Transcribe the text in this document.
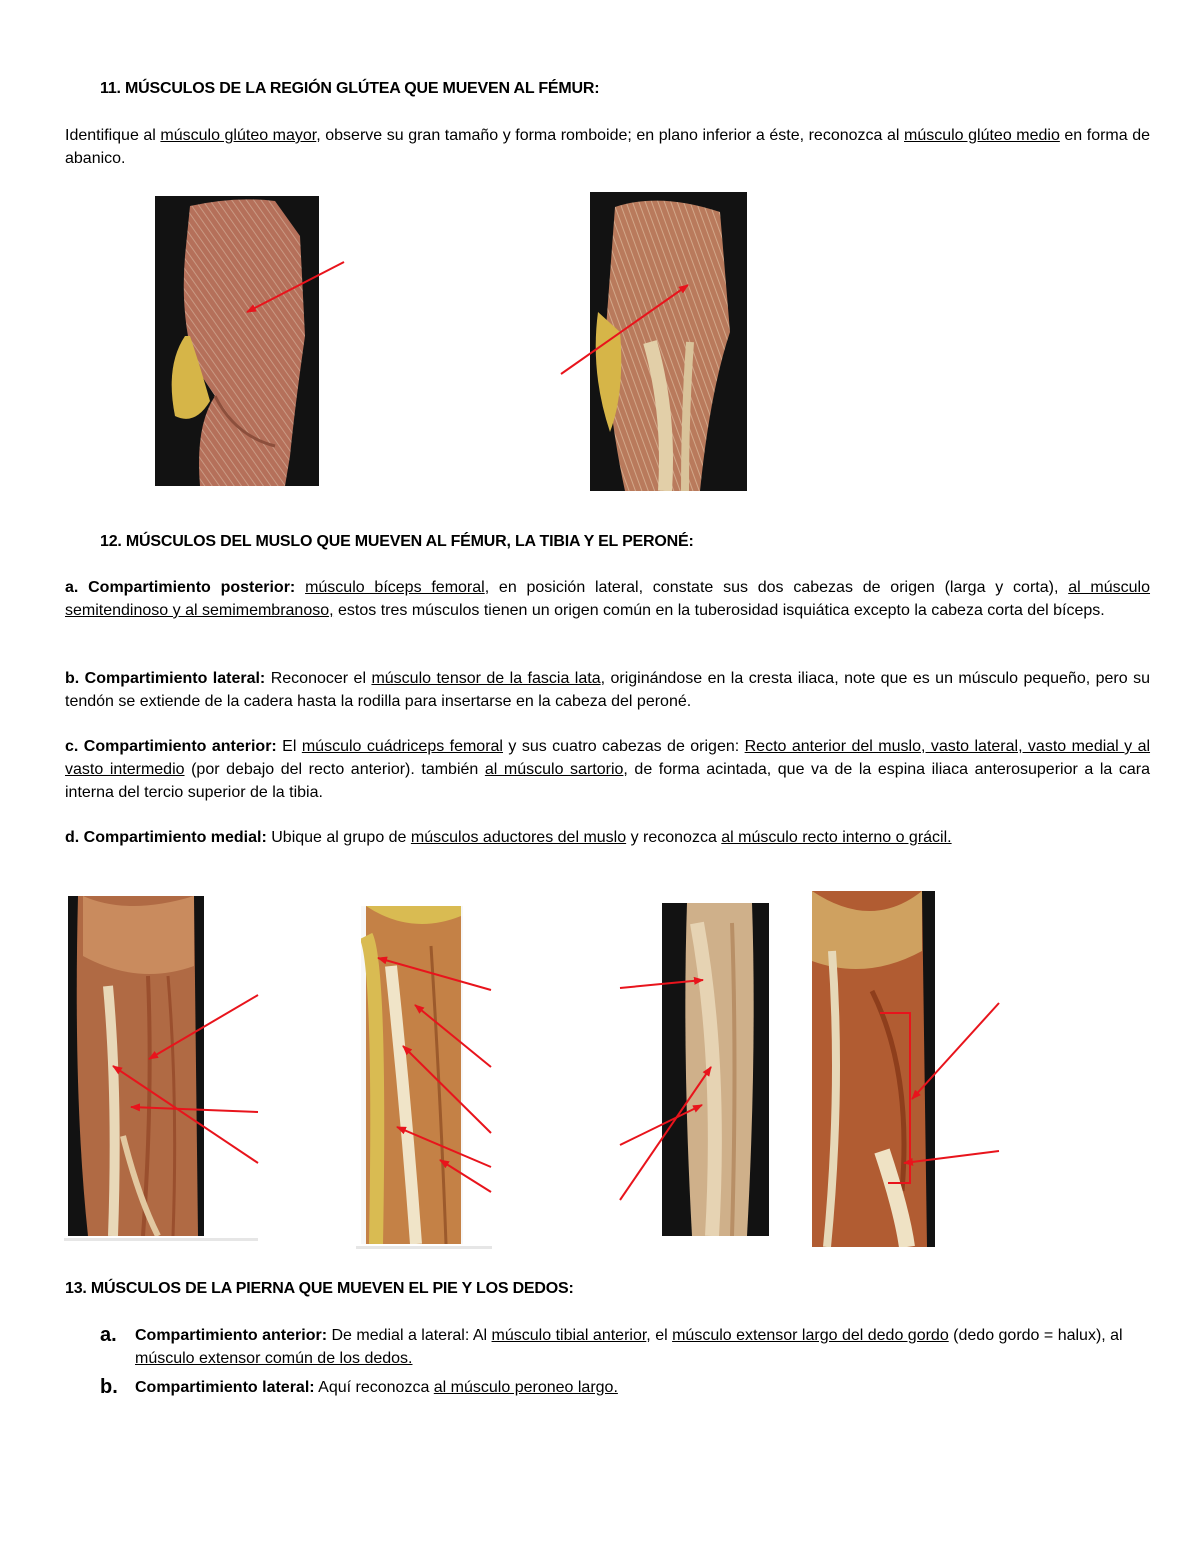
11. MÚSCULOS DE LA REGIÓN GLÚTEA QUE MUEVEN AL FÉMUR:
Identifique al músculo glúteo mayor, observe su gran tamaño y forma romboide; en plano inferior a éste, reconozca al músculo glúteo medio en forma de abanico.
12. MÚSCULOS DEL MUSLO QUE MUEVEN AL FÉMUR, LA TIBIA Y EL PERONÉ:
a. Compartimiento posterior: músculo bíceps femoral, en posición lateral, constate sus dos cabezas de origen (larga y corta), al músculo semitendinoso y al semimembranoso, estos tres músculos tienen un origen común en la tuberosidad isquiática excepto la cabeza corta del bíceps.
b. Compartimiento lateral: Reconocer el músculo tensor de la fascia lata, originándose en la cresta iliaca, note que es un músculo pequeño, pero su tendón se extiende de la cadera hasta la rodilla para insertarse en la cabeza del peroné.
c. Compartimiento anterior: El músculo cuádriceps femoral y sus cuatro cabezas de origen: Recto anterior del muslo, vasto lateral, vasto medial y al vasto intermedio (por debajo del recto anterior). también al músculo sartorio, de forma acintada, que va de la espina iliaca anterosuperior a la cara interna del tercio superior de la tibia.
d. Compartimiento medial: Ubique al grupo de músculos aductores del muslo y reconozca al músculo recto interno o grácil.
13. MÚSCULOS DE LA PIERNA QUE MUEVEN EL PIE Y LOS DEDOS:
a. Compartimiento anterior: De medial a lateral: Al músculo tibial anterior, el músculo extensor largo del dedo gordo (dedo gordo = halux), al músculo extensor común de los dedos.
b. Compartimiento lateral: Aquí reconozca al músculo peroneo largo.
